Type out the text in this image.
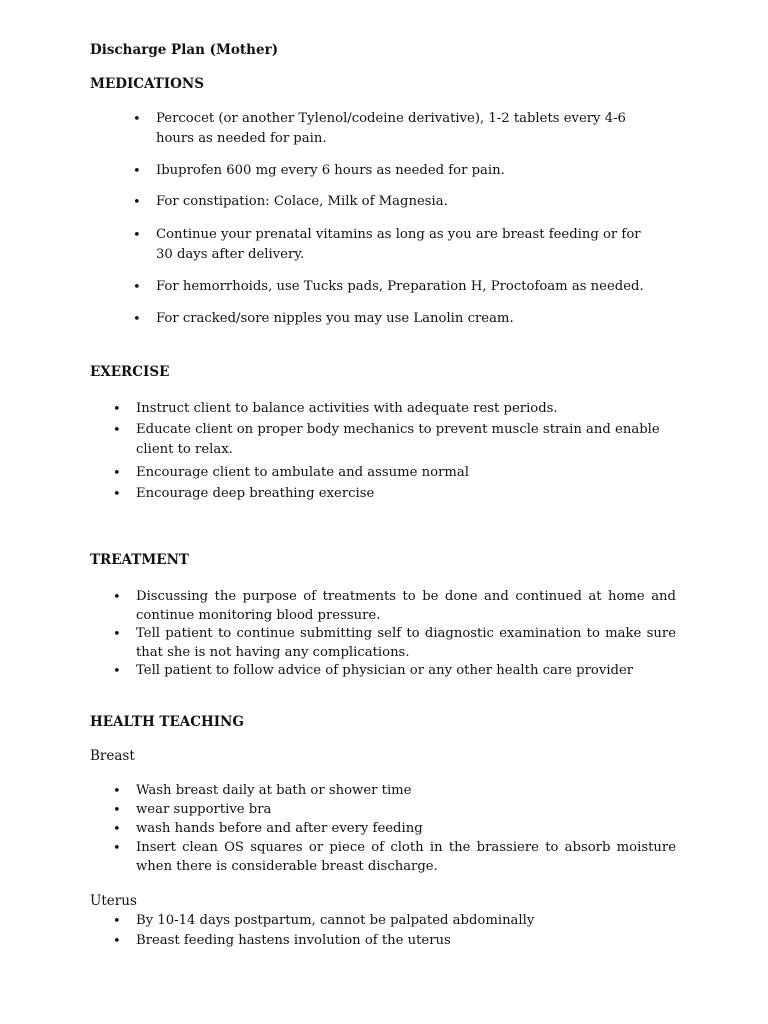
Discharge Plan (Mother)
MEDICATIONS
• Percocet (or another Tylenol/codeine derivative), 1-2 tablets every 4-6 hours as needed for pain.
• Ibuprofen 600 mg every 6 hours as needed for pain.
• For constipation: Colace, Milk of Magnesia.
• Continue your prenatal vitamins as long as you are breast feeding or for 30 days after delivery.
• For hemorrhoids, use Tucks pads, Preparation H, Proctofoam as needed.
• For cracked/sore nipples you may use Lanolin cream.
EXERCISE
• Instruct client to balance activities with adequate rest periods.
• Educate client on proper body mechanics to prevent muscle strain and enable client to relax.
• Encourage client to ambulate and assume normal
• Encourage deep breathing exercise
TREATMENT
• Discussing the purpose of treatments to be done and continued at home and continue monitoring blood pressure.
• Tell patient to continue submitting self to diagnostic examination to make sure that she is not having any complications.
• Tell patient to follow advice of physician or any other health care provider
HEALTH TEACHING
Breast
• Wash breast daily at bath or shower time
• wear supportive bra
• wash hands before and after every feeding
• Insert clean OS squares or piece of cloth in the brassiere to absorb moisture when there is considerable breast discharge.
Uterus
• By 10-14 days postpartum, cannot be palpated abdominally
• Breast feeding hastens involution of the uterus
